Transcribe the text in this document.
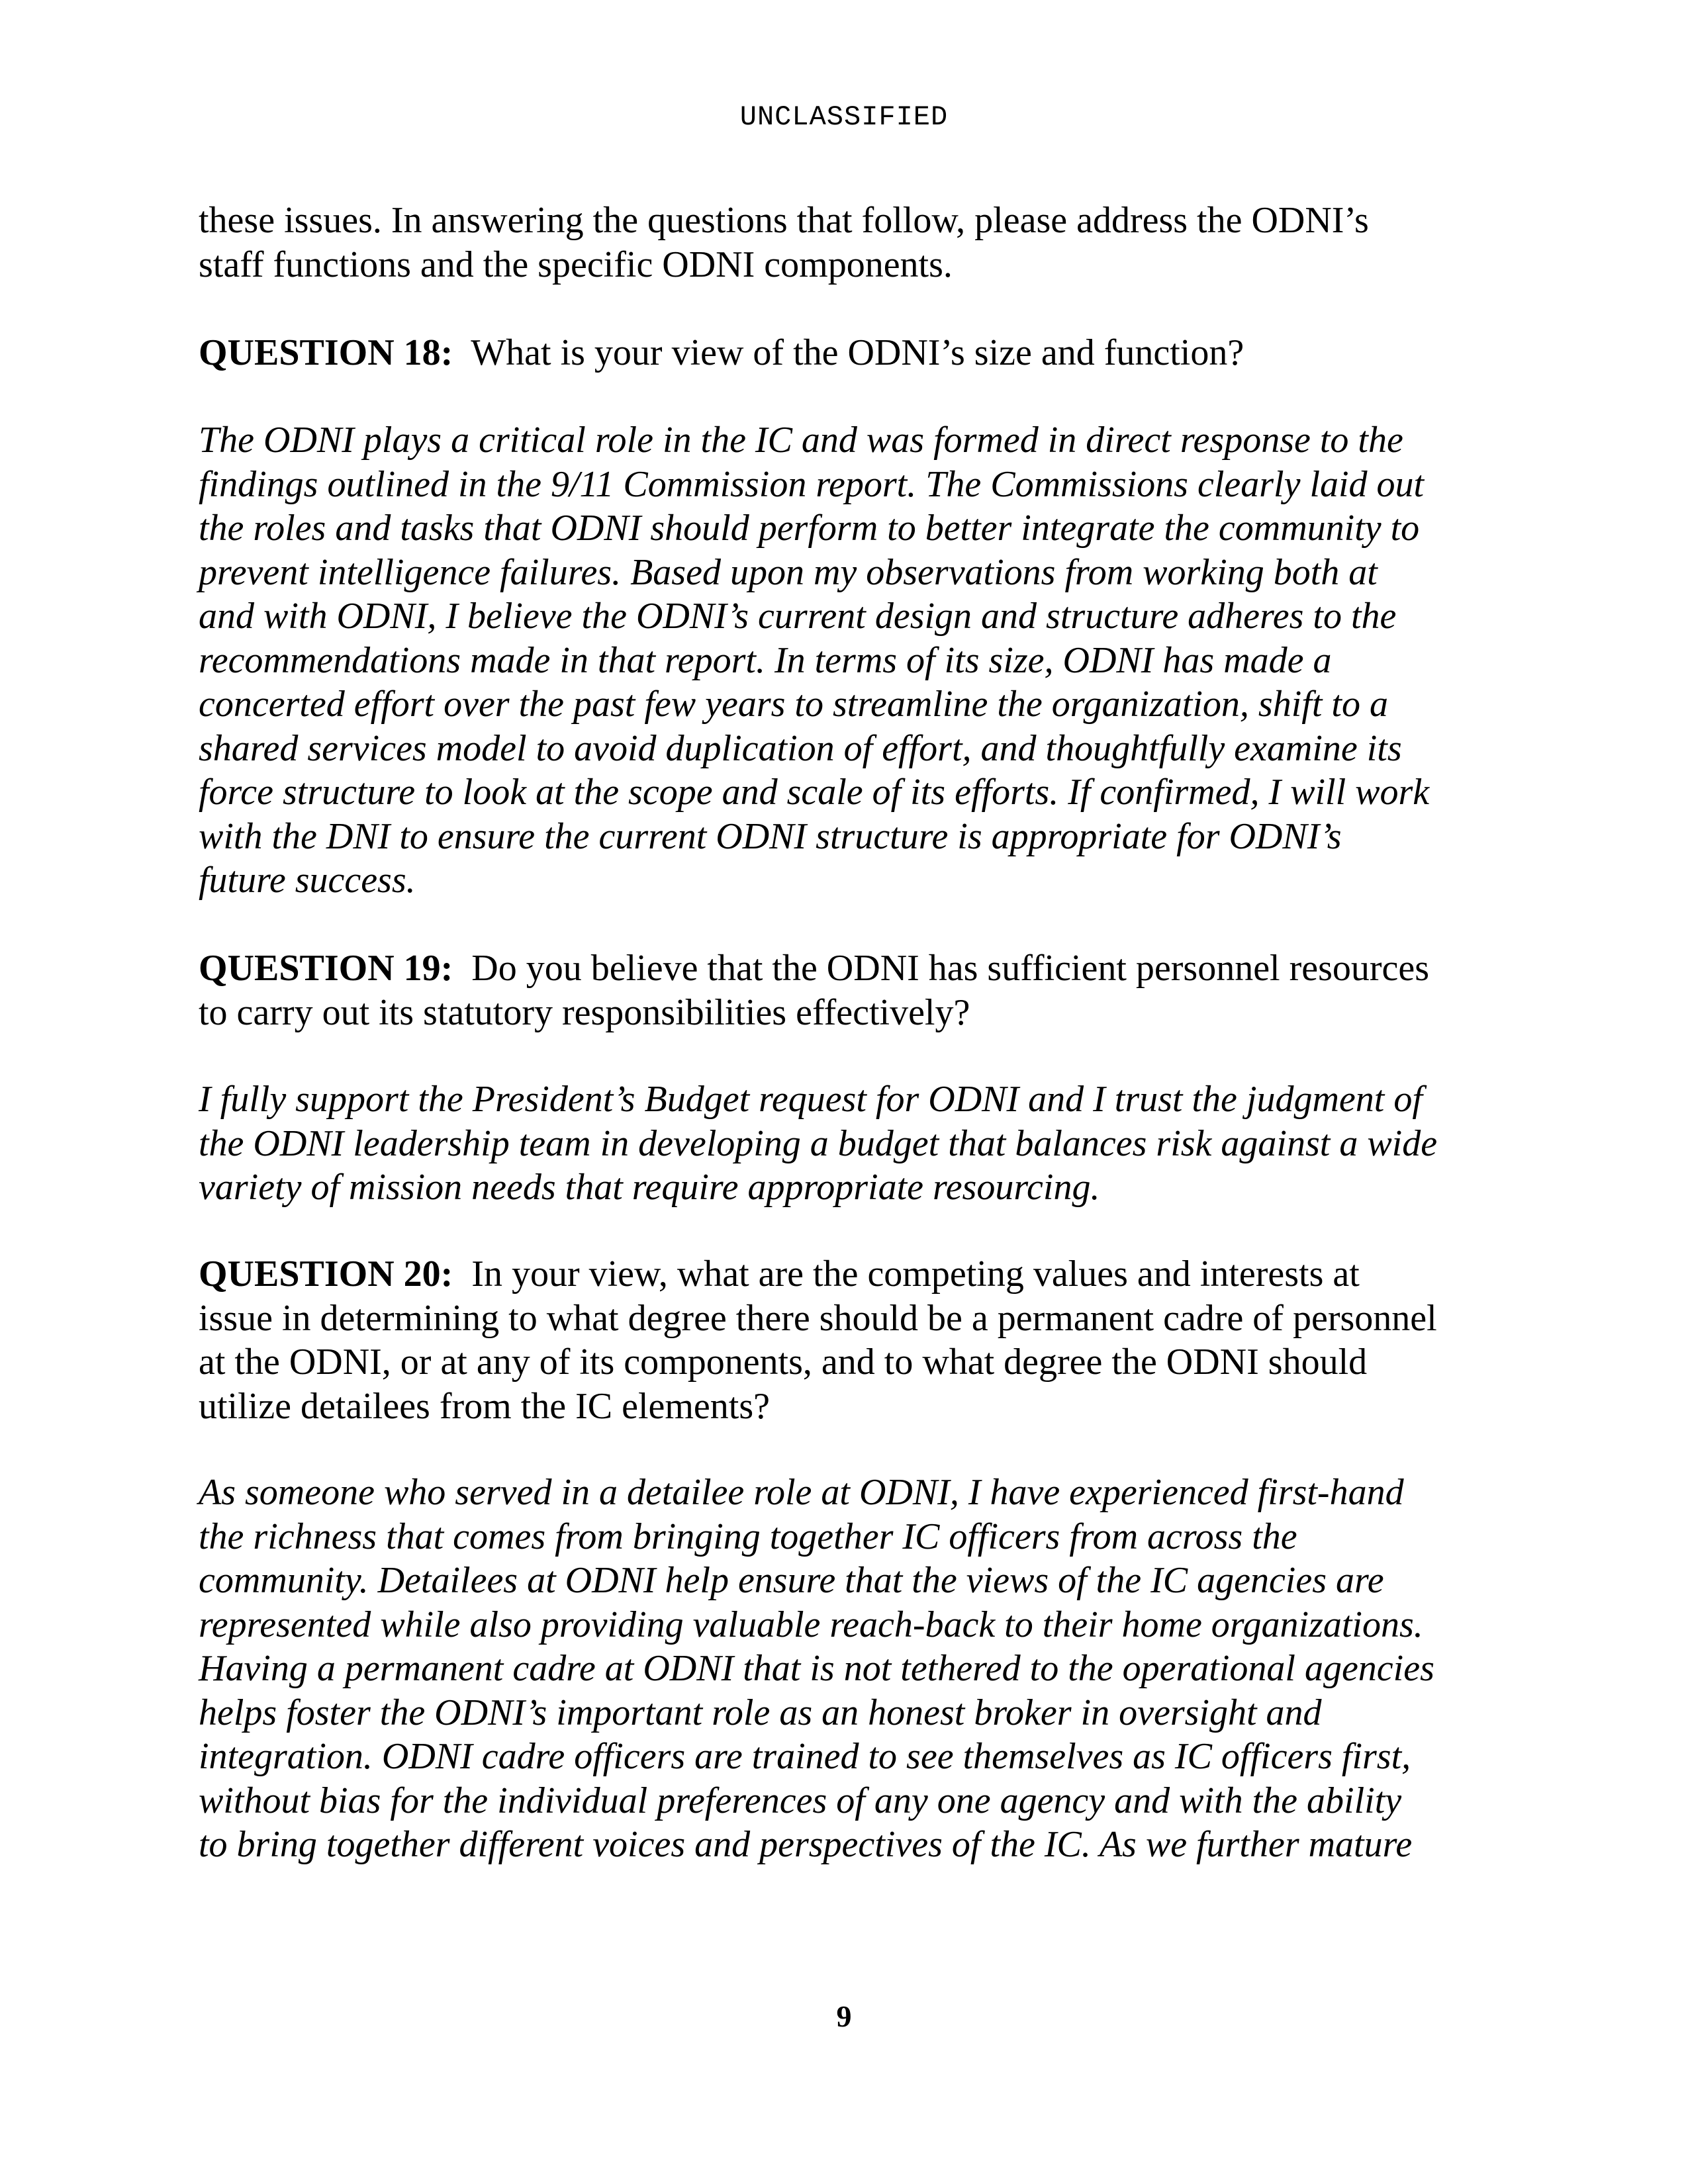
UNCLASSIFIED

these issues. In answering the questions that follow, please address the ODNI’s
staff functions and the specific ODNI components.

QUESTION 18: What is your view of the ODNI’s size and function?

The ODNI plays a critical role in the IC and was formed in direct response to the
findings outlined in the 9/11 Commission report. The Commissions clearly laid out
the roles and tasks that ODNI should perform to better integrate the community to
prevent intelligence failures. Based upon my observations from working both at
and with ODNI, I believe the ODNI’s current design and structure adheres to the
recommendations made in that report. In terms of its size, ODNI has made a
concerted effort over the past few years to streamline the organization, shift to a
shared services model to avoid duplication of effort, and thoughtfully examine its
force structure to look at the scope and scale of its efforts. If confirmed, I will work
with the DNI to ensure the current ODNI structure is appropriate for ODNI’s
future success.

QUESTION 19: Do you believe that the ODNI has sufficient personnel resources
to carry out its statutory responsibilities effectively?

I fully support the President’s Budget request for ODNI and I trust the judgment of
the ODNI leadership team in developing a budget that balances risk against a wide
variety of mission needs that require appropriate resourcing.

QUESTION 20: In your view, what are the competing values and interests at
issue in determining to what degree there should be a permanent cadre of personnel
at the ODNI, or at any of its components, and to what degree the ODNI should
utilize detailees from the IC elements?

As someone who served in a detailee role at ODNI, I have experienced first-hand
the richness that comes from bringing together IC officers from across the
community. Detailees at ODNI help ensure that the views of the IC agencies are
represented while also providing valuable reach-back to their home organizations.
Having a permanent cadre at ODNI that is not tethered to the operational agencies
helps foster the ODNI’s important role as an honest broker in oversight and
integration. ODNI cadre officers are trained to see themselves as IC officers first,
without bias for the individual preferences of any one agency and with the ability
to bring together different voices and perspectives of the IC. As we further mature

9
